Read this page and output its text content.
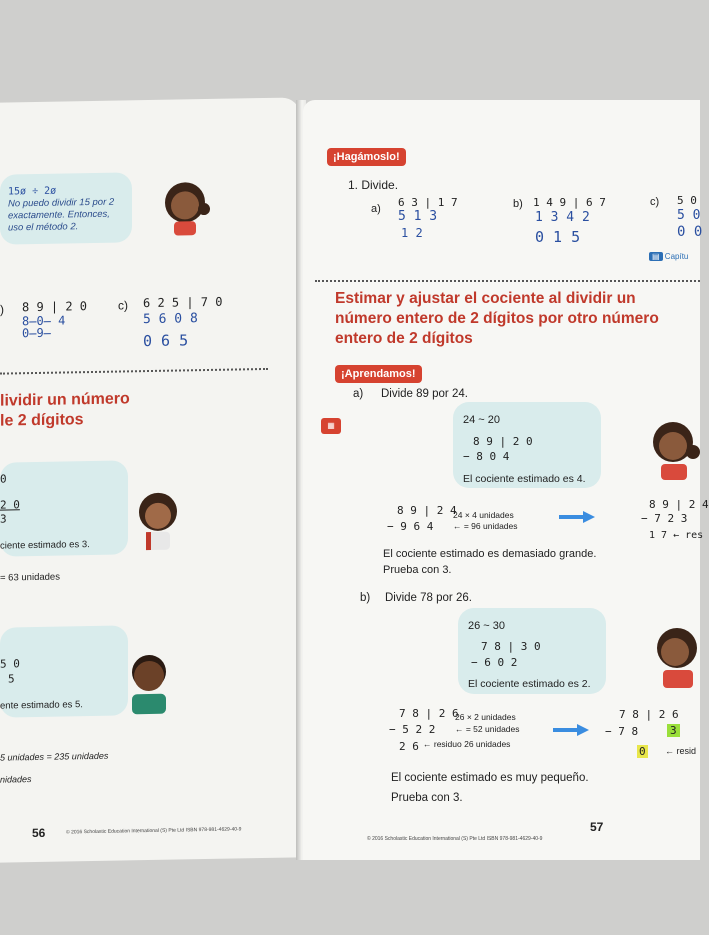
15ø ÷ 2ø
No puedo dividir 15 por 2
exactamente. Entonces,
uso el método 2.
) 8 9 | 2 0
8̶0̶ 4
0̶9̶
c) 6 2 5 | 7 0
5 6 0 8
0 6 5
lividir un número
le 2 dígitos
0
2 0
3
ciente estimado es 3.
= 63 unidades
5 0
5
ente estimado es 5.
5 unidades = 235 unidades
nidades
56	© 2016 Scholastic Education International (S) Pte Ltd ISBN 978-981-4629-40-9
¡Hagámoslo!
1. Divide.
a) 6 3 | 1 7
5 1 3
1 2
b) 1 4 9 | 6 7
1 3 4 2
0 1 5
c) 5 0
5 0
0 0
▤ Capítu
Estimar y ajustar el cociente al dividir un
número entero de 2 dígitos por otro número
entero de 2 dígitos
¡Aprendamos!
a) Divide 89 por 24.
▦	24 ~ 20
8 9 | 2 0
− 8 0 4
El cociente estimado es 4.
8 9 | 2 4
− 9 6 4
24 × 4 unidades
← = 96 unidades
8 9 | 2 4
− 7 2 3
1 7 ← res
El cociente estimado es demasiado grande.
Prueba con 3.
b) Divide 78 por 26.
26 ~ 30
7 8 | 3 0
− 6 0 2
El cociente estimado es 2.
7 8 | 2 6
− 5 2 2
2 6
26 × 2 unidades
← = 52 unidades
← residuo 26 unidades
7 8 | 2 6
− 7 8	3
0 ← resid
El cociente estimado es muy pequeño.
Prueba con 3.
© 2016 Scholastic Education International (S) Pte Ltd ISBN 978-981-4629-40-9
57
